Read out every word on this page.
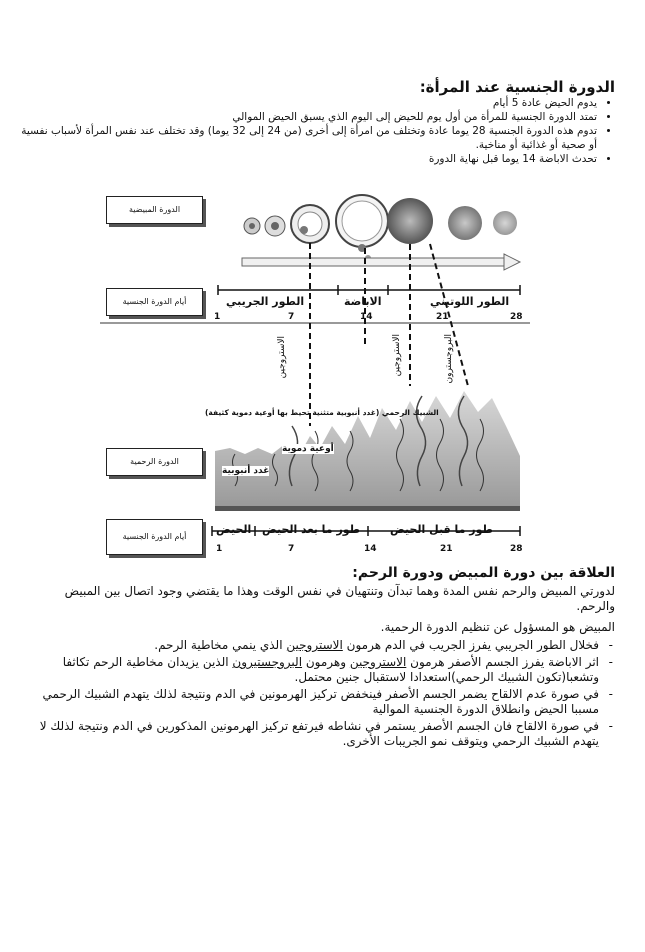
الدورة الجنسية عند المرأة:
• يدوم الحيض عادة 5 أيام
• تمتد الدورة الجنسية للمرأة من أول يوم للحيض إلى اليوم الذي يسبق الحيض الموالي
• تدوم هذه الدورة الجنسية 28 يوما عادة وتختلف من امرأة إلى أخرى (من 24 إلى 32 يوما) وقد تختلف عند نفس المرأة لأسباب نفسية أو صحية أو غذائية أو مناخية.
• تحدث الاباضة 14 يوما قبل نهاية الدورة
الدورة المبيضية
أيام الدورة الجنسية
الدورة الرحمية
أيام الدورة الجنسية
الطور الجريبي	الاباضة	الطور اللوتيني
1	7	14	21	28
الاستروجين	الاستروجين	البروجسترون
الشبيك الرحمي (غدد أنبوبية متثنية تحيط بها أوعية دموية كثيفة)
أوعية دموية
غدد أنبوبية
الحيض طور ما بعد الحيض	طور ما قبل الحيض
1	7	14	21	28
العلاقة بين دورة المبيض ودورة الرحم:

لدورتي المبيض والرحم نفس المدة وهما تبدآن وتنتهيان في نفس الوقت وهذا ما يقتضي وجود اتصال بين المبيض والرحم.

المبيض هو المسؤول عن تنظيم الدورة الرحمية.

- فخلال الطور الجريبي يفرز الجريب في الدم هرمون الاستروجين الذي ينمي مخاطية الرحم.
- اثر الاباضة يفرز الجسم الأصفر هرمون الاستروجين وهرمون البروجستيرون الذين يزيدان مخاطية الرحم تكاثفا وتشعبا(تكون الشبيك الرحمي)استعدادا لاستقبال جنين محتمل.
- في صورة عدم الالقاح يضمر الجسم الأصفر فينخفض تركيز الهرمونين في الدم ونتيجة لذلك يتهدم الشبيك الرحمي مسببا الحيض وانطلاق الدورة الجنسية الموالية
- في صورة الالقاح فان الجسم الأصفر يستمر في نشاطه فيرتفع تركيز الهرمونين المذكورين في الدم ونتيجة لذلك لا يتهدم الشبيك الرحمي ويتوقف نمو الجريبات الأخرى.
